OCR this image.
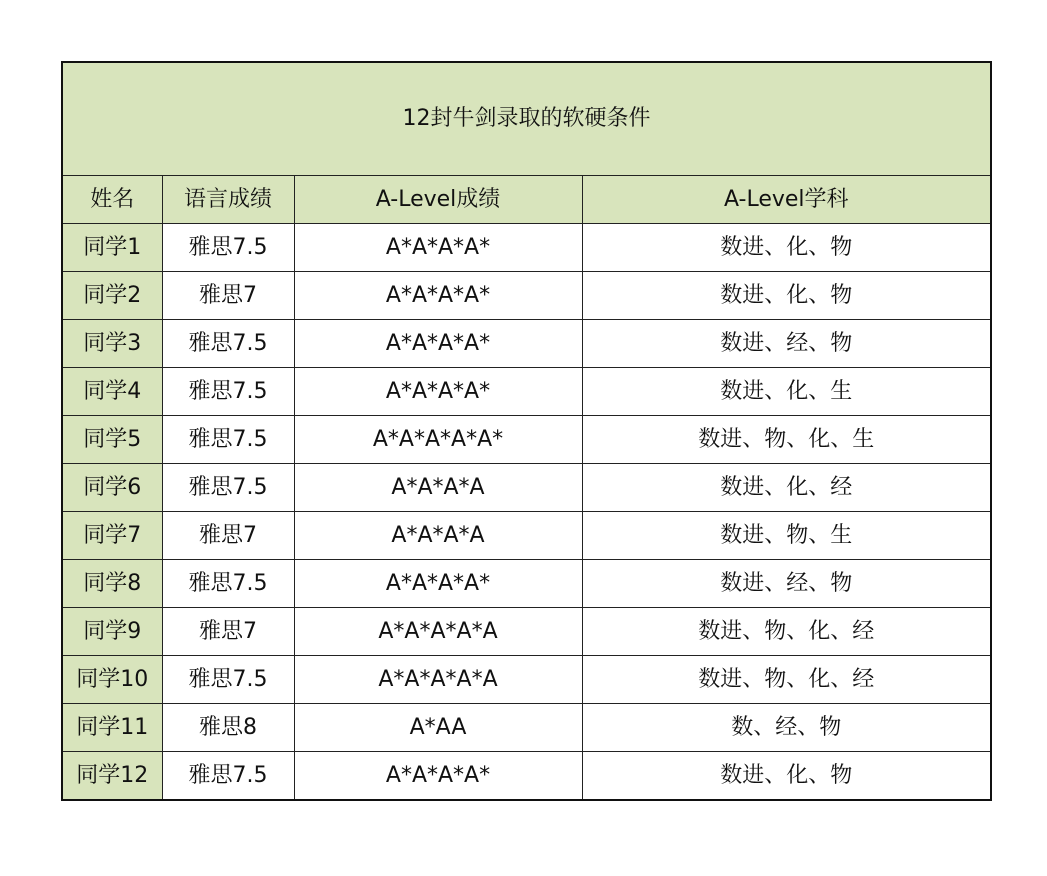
12封牛剑录取的软硬条件			
姓名	语言成绩	A-Level成绩	A-Level学科
同学1	雅思7.5	A*A*A*A*	数进、化、物
同学2	雅思7	A*A*A*A*	数进、化、物
同学3	雅思7.5	A*A*A*A*	数进、经、物
同学4	雅思7.5	A*A*A*A*	数进、化、生
同学5	雅思7.5	A*A*A*A*A*	数进、物、化、生
同学6	雅思7.5	A*A*A*A	数进、化、经
同学7	雅思7	A*A*A*A	数进、物、生
同学8	雅思7.5	A*A*A*A*	数进、经、物
同学9	雅思7	A*A*A*A*A	数进、物、化、经
同学10	雅思7.5	A*A*A*A*A	数进、物、化、经
同学11	雅思8	A*AA	数、经、物
同学12	雅思7.5	A*A*A*A*	数进、化、物
